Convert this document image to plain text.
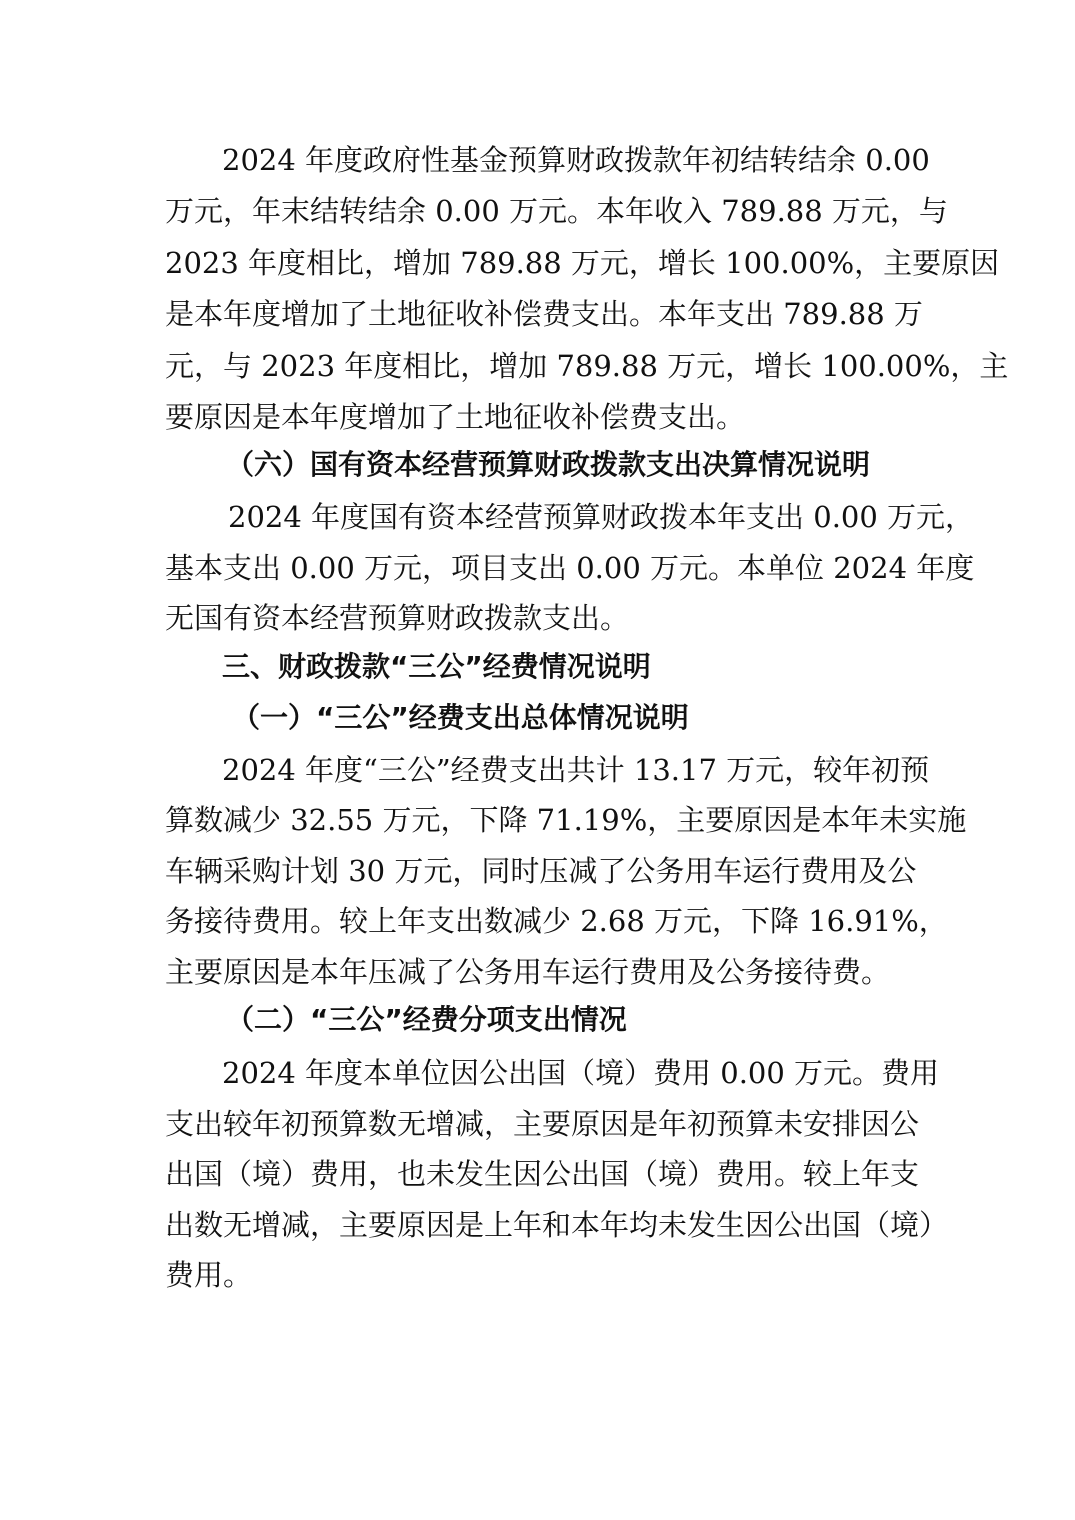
2024 年度政府性基金预算财政拨款年初结转结余 0.00
万元，年末结转结余 0.00 万元。本年收入 789.88 万元，与
2023 年度相比，增加 789.88 万元，增长 100.00%，主要原因
是本年度增加了土地征收补偿费支出。本年支出 789.88 万
元，与 2023 年度相比，增加 789.88 万元，增长 100.00%，主
要原因是本年度增加了土地征收补偿费支出。
（六）国有资本经营预算财政拨款支出决算情况说明
2024 年度国有资本经营预算财政拨本年支出 0.00 万元，
基本支出 0.00 万元，项目支出 0.00 万元。本单位 2024 年度
无国有资本经营预算财政拨款支出。
三、财政拨款“三公”经费情况说明
（一）“三公”经费支出总体情况说明
2024 年度“三公”经费支出共计 13.17 万元，较年初预
算数减少 32.55 万元，下降 71.19%，主要原因是本年未实施
车辆采购计划 30 万元，同时压减了公务用车运行费用及公
务接待费用。较上年支出数减少 2.68 万元，下降 16.91%，
主要原因是本年压减了公务用车运行费用及公务接待费。
（二）“三公”经费分项支出情况
2024 年度本单位因公出国（境）费用 0.00 万元。费用
支出较年初预算数无增减，主要原因是年初预算未安排因公
出国（境）费用，也未发生因公出国（境）费用。较上年支
出数无增减，主要原因是上年和本年均未发生因公出国（境）
费用。
